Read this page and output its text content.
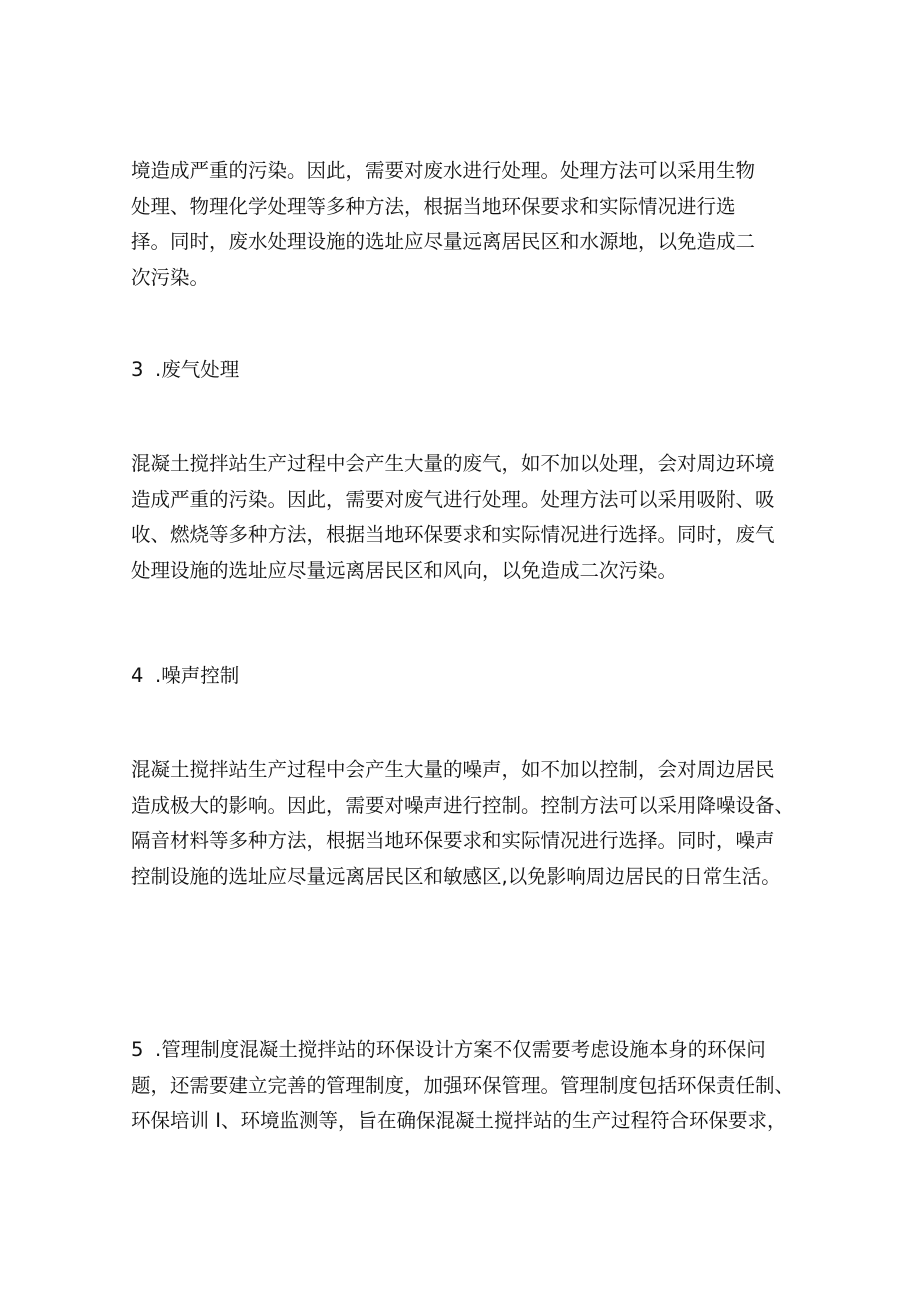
境造成严重的污染。因此，需要对废水进行处理。处理方法可以采用生物
处理、物理化学处理等多种方法，根据当地环保要求和实际情况进行选
择。同时，废水处理设施的选址应尽量远离居民区和水源地，以免造成二
次污染。
3 .废气处理
混凝土搅拌站生产过程中会产生大量的废气，如不加以处理，会对周边环境
造成严重的污染。因此，需要对废气进行处理。处理方法可以采用吸附、吸
收、燃烧等多种方法，根据当地环保要求和实际情况进行选择。同时，废气
处理设施的选址应尽量远离居民区和风向，以免造成二次污染。
4 .噪声控制
混凝土搅拌站生产过程中会产生大量的噪声，如不加以控制，会对周边居民
造成极大的影响。因此，需要对噪声进行控制。控制方法可以采用降噪设备、
隔音材料等多种方法，根据当地环保要求和实际情况进行选择。同时，噪声
控制设施的选址应尽量远离居民区和敏感区,以免影响周边居民的日常生活。
5 .管理制度混凝土搅拌站的环保设计方案不仅需要考虑设施本身的环保问
题，还需要建立完善的管理制度，加强环保管理。管理制度包括环保责任制、
环保培训 I、环境监测等，旨在确保混凝土搅拌站的生产过程符合环保要求，
